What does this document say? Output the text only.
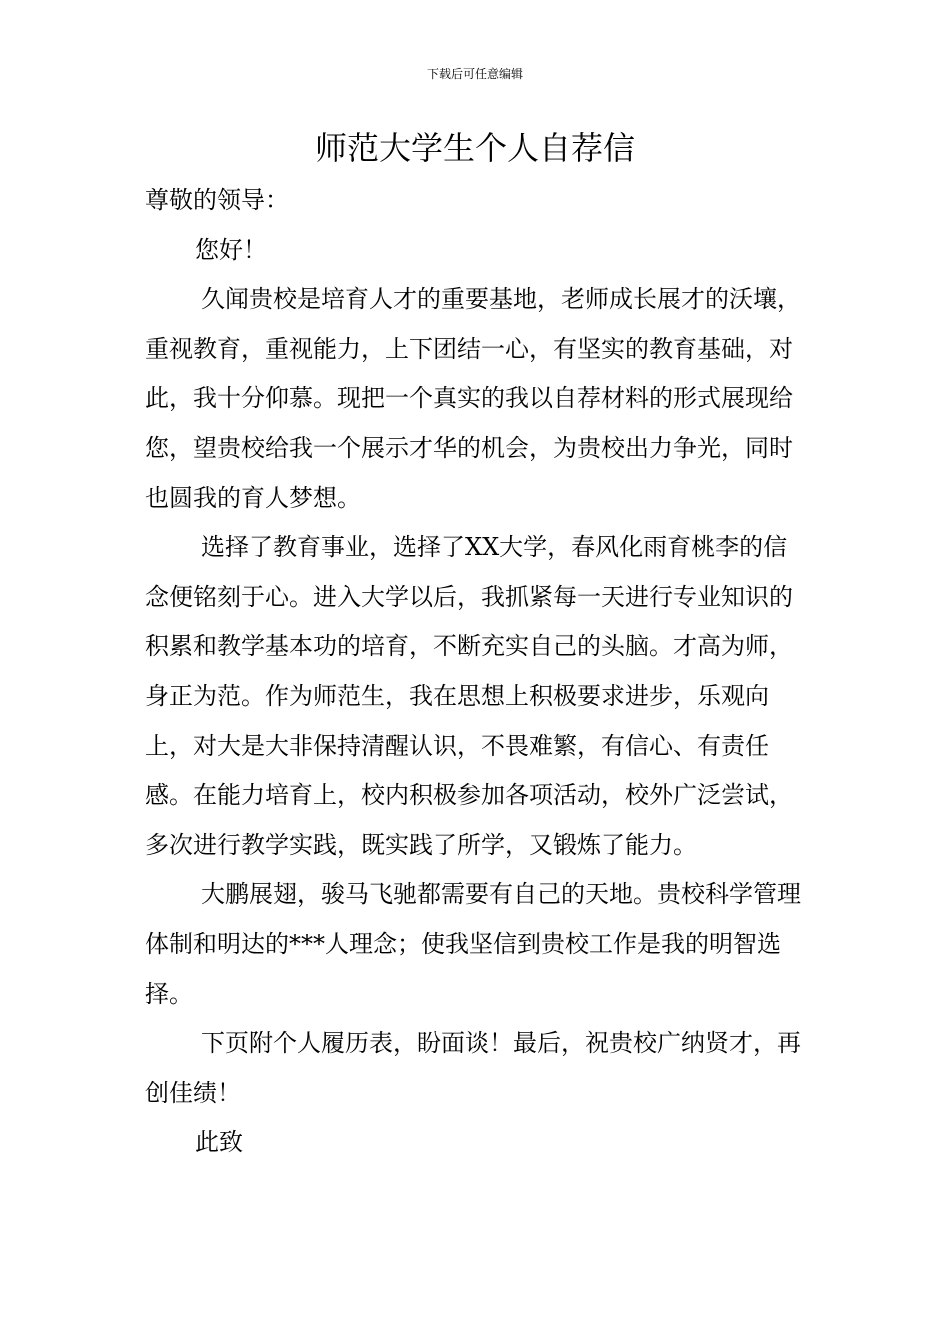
下载后可任意编辑
师范大学生个人自荐信

尊敬的领导：

您好！

久闻贵校是培育人才的重要基地，老师成长展才的沃壤，重视教育，重视能力，上下团结一心，有坚实的教育基础，对此，我十分仰慕。现把一个真实的我以自荐材料的形式展现给您，望贵校给我一个展示才华的机会，为贵校出力争光，同时也圆我的育人梦想。

选择了教育事业，选择了XX大学，春风化雨育桃李的信念便铭刻于心。进入大学以后，我抓紧每一天进行专业知识的积累和教学基本功的培育，不断充实自己的头脑。才高为师，身正为范。作为师范生，我在思想上积极要求进步，乐观向上，对大是大非保持清醒认识，不畏难繁，有信心、有责任感。在能力培育上，校内积极参加各项活动，校外广泛尝试，多次进行教学实践，既实践了所学，又锻炼了能力。

大鹏展翅，骏马飞驰都需要有自己的天地。贵校科学管理体制和明达的***人理念；使我坚信到贵校工作是我的明智选择。

下页附个人履历表，盼面谈！最后，祝贵校广纳贤才，再创佳绩！

此致
